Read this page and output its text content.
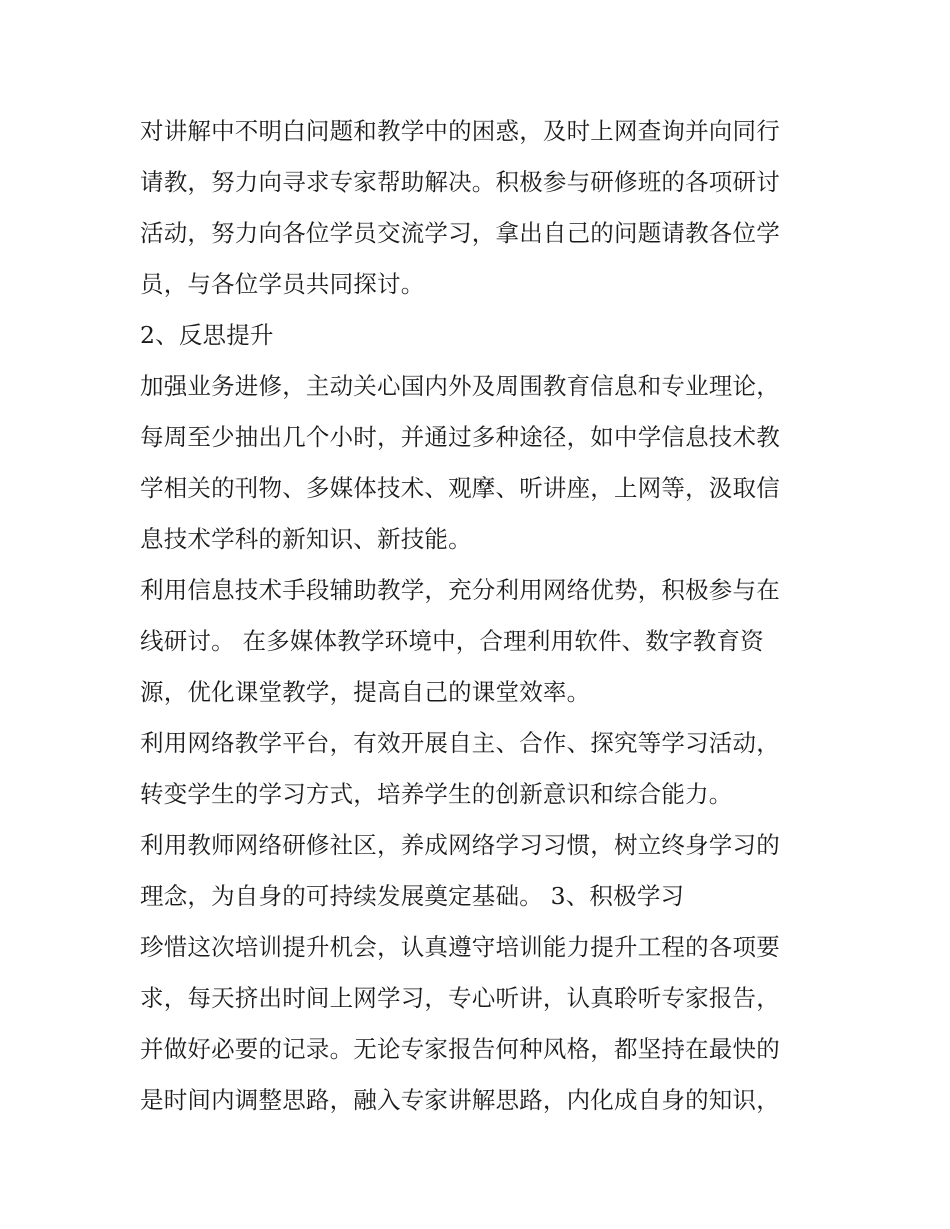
对讲解中不明白问题和教学中的困惑，及时上网查询并向同行
请教，努力向寻求专家帮助解决。积极参与研修班的各项研讨
活动，努力向各位学员交流学习，拿出自己的问题请教各位学
员，与各位学员共同探讨。
2、反思提升
加强业务进修，主动关心国内外及周围教育信息和专业理论，
每周至少抽出几个小时，并通过多种途径，如中学信息技术教
学相关的刊物、多媒体技术、观摩、听讲座，上网等，汲取信
息技术学科的新知识、新技能。
利用信息技术手段辅助教学，充分利用网络优势，积极参与在
线研讨。 在多媒体教学环境中，合理利用软件、数字教育资
源，优化课堂教学，提高自己的课堂效率。
利用网络教学平台，有效开展自主、合作、探究等学习活动，
转变学生的学习方式，培养学生的创新意识和综合能力。
利用教师网络研修社区，养成网络学习习惯，树立终身学习的
理念，为自身的可持续发展奠定基础。 3、积极学习
珍惜这次培训提升机会，认真遵守培训能力提升工程的各项要
求，每天挤出时间上网学习，专心听讲，认真聆听专家报告，
并做好必要的记录。无论专家报告何种风格，都坚持在最快的
是时间内调整思路，融入专家讲解思路，内化成自身的知识，
